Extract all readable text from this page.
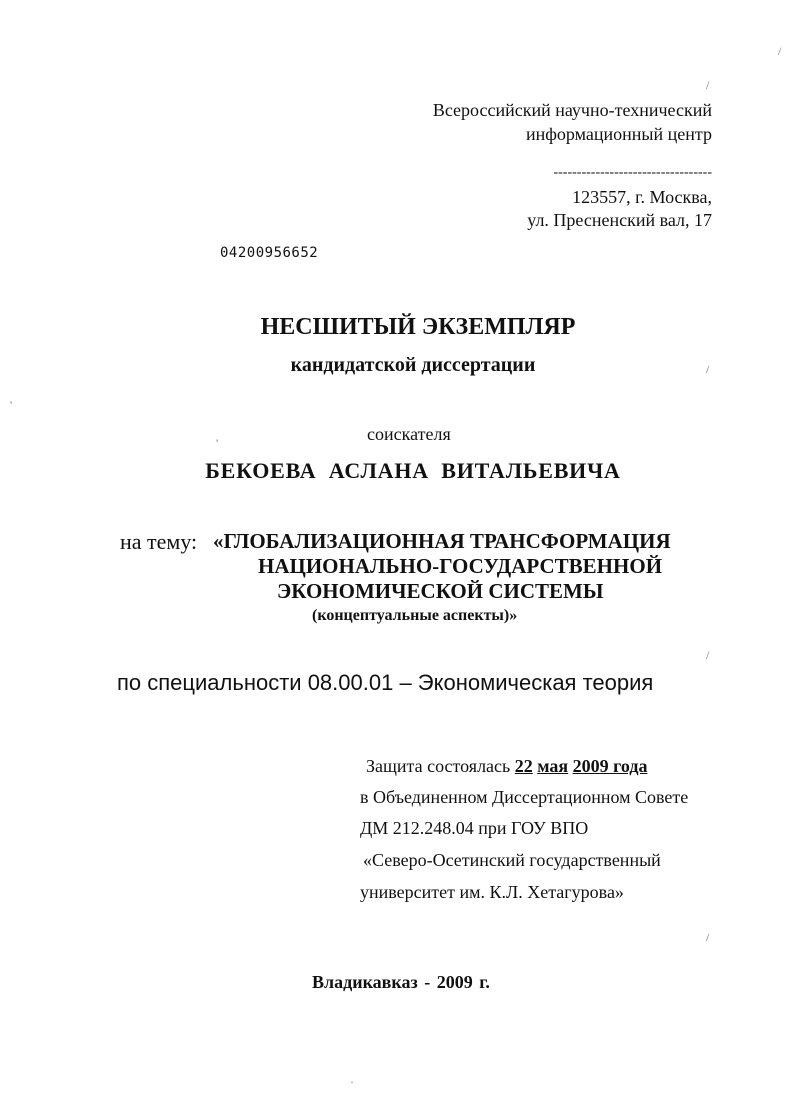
Всероссийский научно-технический
информационный центр
----------------------------------
123557, г. Москва,
ул. Пресненский вал, 17
04200956652
НЕСШИТЫЙ ЭКЗЕМПЛЯР
кандидатской диссертации
соискателя
БЕКОЕВА АСЛАНА ВИТАЛЬЕВИЧА
на тему: «ГЛОБАЛИЗАЦИОННАЯ ТРАНСФОРМАЦИЯ
НАЦИОНАЛЬНО-ГОСУДАРСТВЕННОЙ
ЭКОНОМИЧЕСКОЙ СИСТЕМЫ
(концептуальные аспекты)»
по специальности 08.00.01 – Экономическая теория
Защита состоялась 22 мая 2009 года
в Объединенном Диссертационном Совете
ДМ 212.248.04 при ГОУ ВПО
«Северо-Осетинский государственный
университет им. К.Л. Хетагурова»
Владикавказ - 2009 г.
/
/
/
/
/
'
'
·
